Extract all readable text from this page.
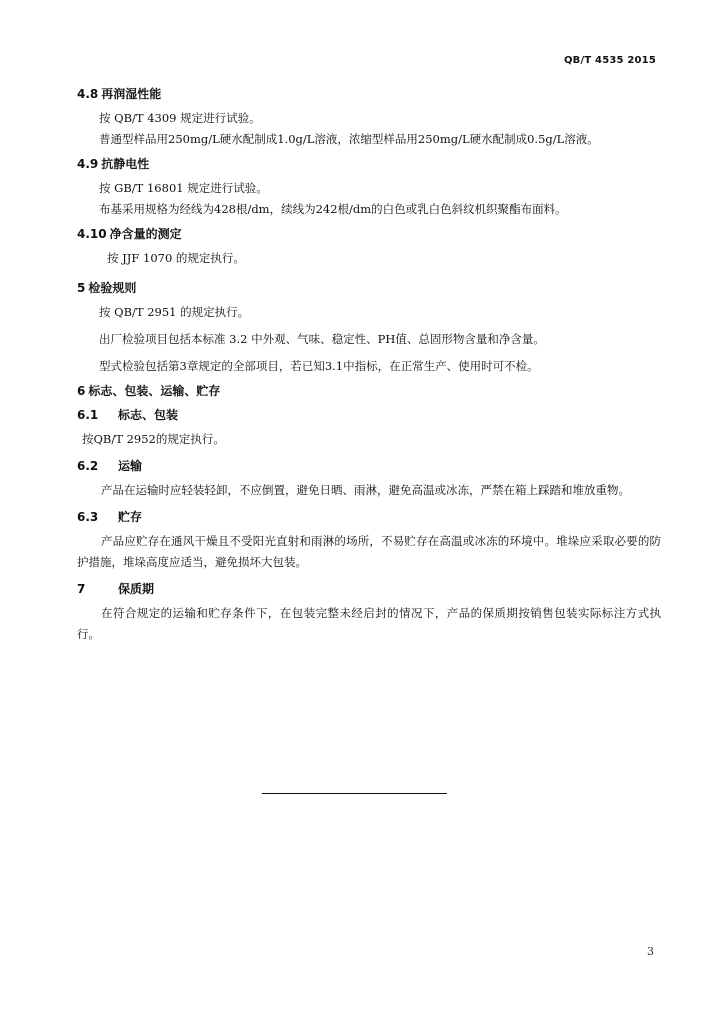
QB/T 4535 2015
4.8 再润湿性能
按 QB/T 4309 规定进行试验。
普通型样品用250mg/L硬水配制成1.0g/L溶液，浓缩型样品用250mg/L硬水配制成0.5g/L溶液。
4.9 抗静电性
按 GB/T 16801 规定进行试验。
布基采用规格为经线为428根/dm，续线为242根/dm的白色或乳白色斜纹机织聚酯布面料。
4.10 净含量的测定
按 JJF 1070 的规定执行。
5 检验规则
按 QB/T 2951 的规定执行。
出厂检验项目包括本标准 3.2 中外观、气味、稳定性、PH值、总固形物含量和净含量。
型式检验包括第3章规定的全部项目，若已知3.1中指标，在正常生产、使用时可不检。
6 标志、包装、运输、贮存
6.1 标志、包装
按QB/T 2952的规定执行。
6.2 运输
产品在运输时应轻装轻卸，不应倒置，避免日晒、雨淋，避免高温或冰冻，严禁在箱上踩踏和堆放重物。
6.3 贮存
产品应贮存在通风干燥且不受阳光直射和雨淋的场所，不易贮存在高温或冰冻的环境中。堆垛应采取必要的防护措施，堆垛高度应适当，避免损坏大包装。
7	保质期
在符合规定的运输和贮存条件下，在包装完整未经启封的情况下，产品的保质期按销售包装实际标注方式执行。
3
